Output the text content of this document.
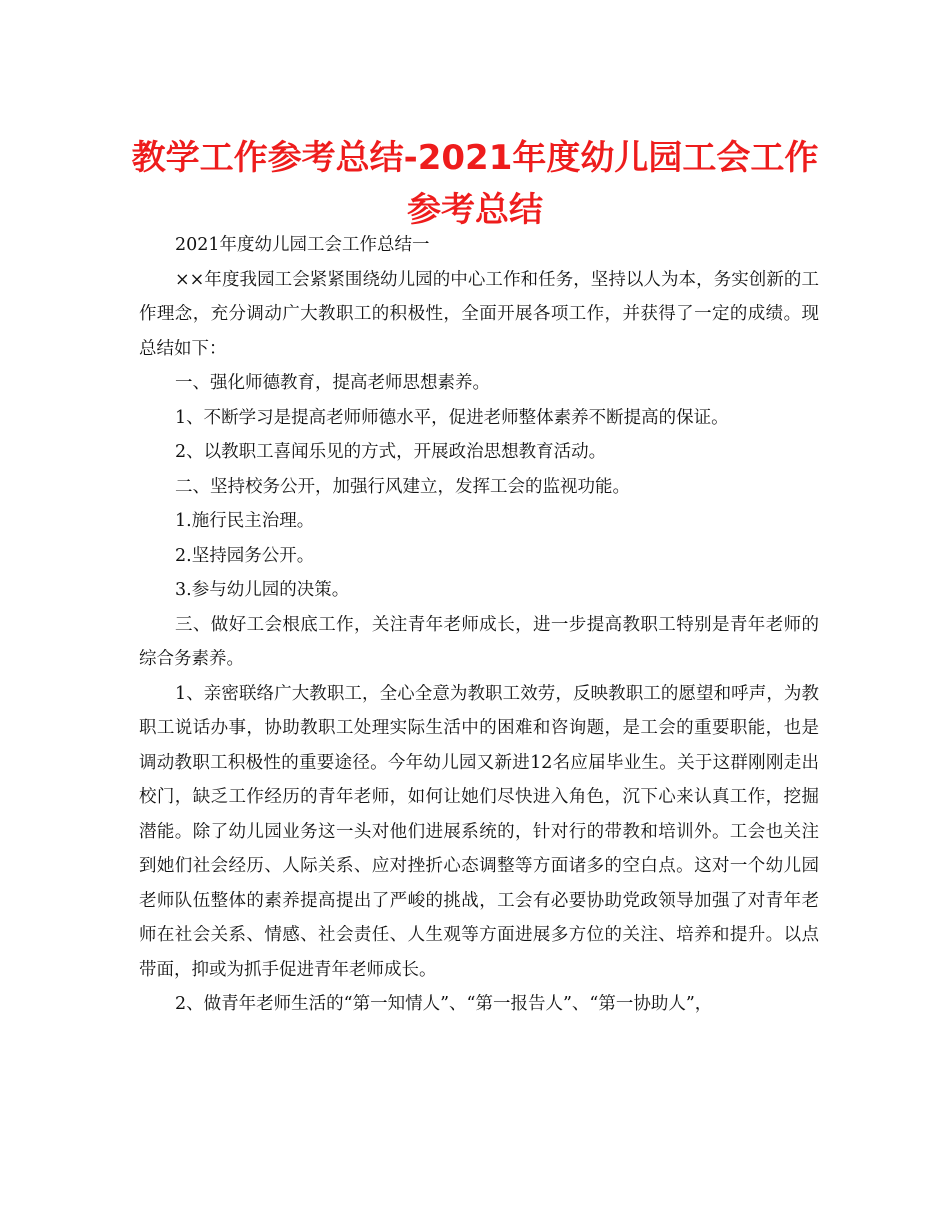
教学工作参考总结-2021年度幼儿园工会工作参考总结

2021年度幼儿园工会工作总结一

××年度我园工会紧紧围绕幼儿园的中心工作和任务，坚持以人为本，务实创新的工作理念，充分调动广大教职工的积极性，全面开展各项工作，并获得了一定的成绩。现总结如下：

一、强化师德教育，提高老师思想素养。

1、不断学习是提高老师师德水平，促进老师整体素养不断提高的保证。

2、以教职工喜闻乐见的方式，开展政治思想教育活动。

二、坚持校务公开，加强行风建立，发挥工会的监视功能。

1.施行民主治理。

2.坚持园务公开。

3.参与幼儿园的决策。

三、做好工会根底工作，关注青年老师成长，进一步提高教职工特别是青年老师的综合务素养。

1、亲密联络广大教职工，全心全意为教职工效劳，反映教职工的愿望和呼声，为教职工说话办事，协助教职工处理实际生活中的困难和咨询题，是工会的重要职能，也是调动教职工积极性的重要途径。今年幼儿园又新进12名应届毕业生。关于这群刚刚走出校门，缺乏工作经历的青年老师，如何让她们尽快进入角色，沉下心来认真工作，挖掘潜能。除了幼儿园业务这一头对他们进展系统的，针对行的带教和培训外。工会也关注到她们社会经历、人际关系、应对挫折心态调整等方面诸多的空白点。这对一个幼儿园老师队伍整体的素养提高提出了严峻的挑战，工会有必要协助党政领导加强了对青年老师在社会关系、情感、社会责任、人生观等方面进展多方位的关注、培养和提升。以点带面，抑或为抓手促进青年老师成长。

2、做青年老师生活的“第一知情人”、“第一报告人”、“第一协助人”，
